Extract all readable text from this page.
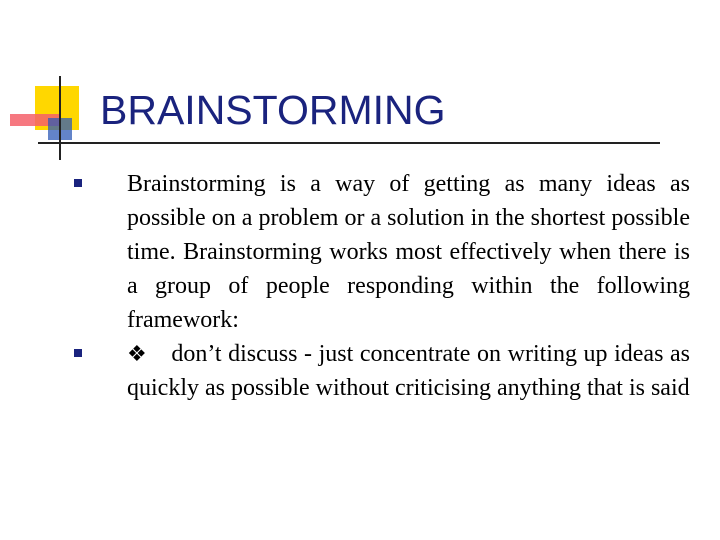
BRAINSTORMING

Brainstorming is a way of getting as many ideas as possible on a problem or a solution in the shortest possible time. Brainstorming works most effectively when there is a group of people responding within the following framework:

❖ don’t discuss - just concentrate on writing up ideas as quickly as possible without criticising anything that is said
